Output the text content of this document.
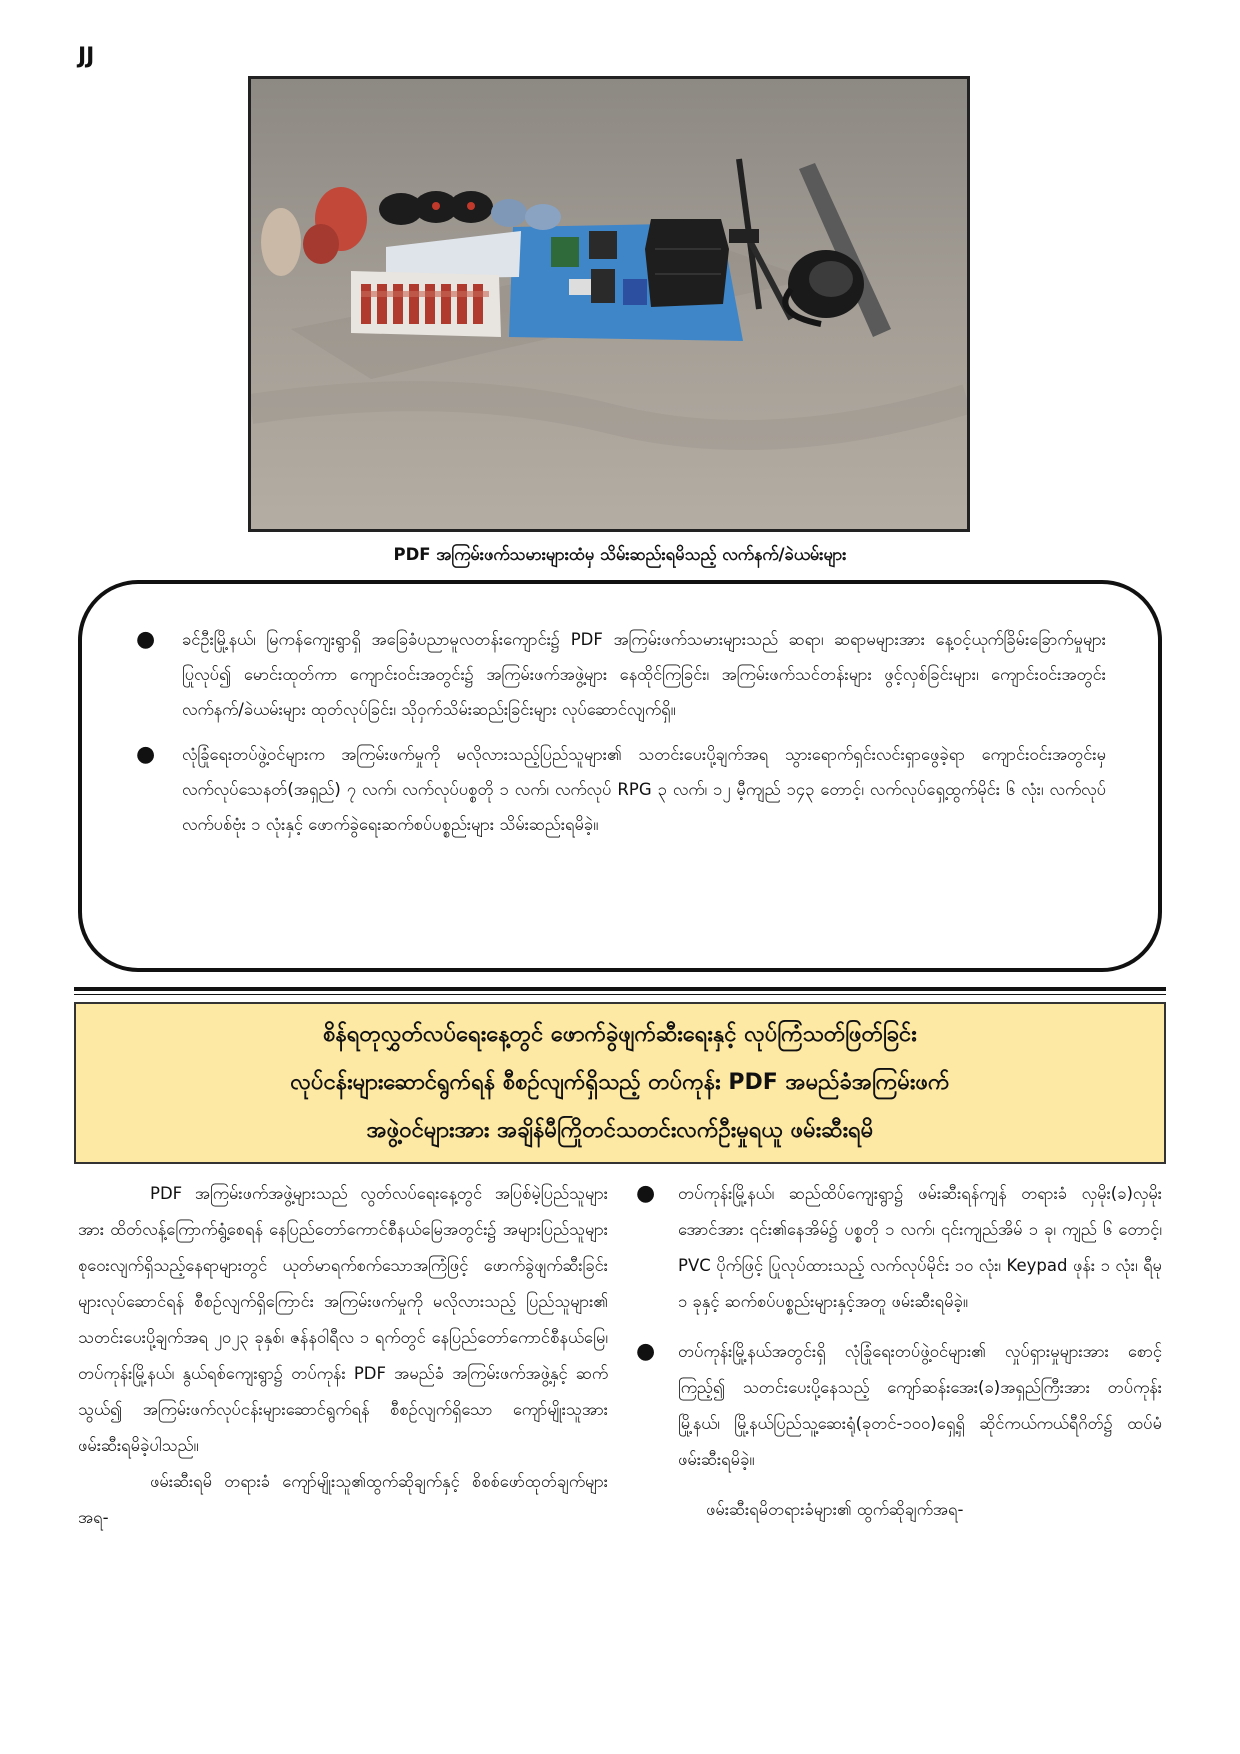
JJ
PDF အကြမ်းဖက်သမားများထံမှ သိမ်းဆည်းရမိသည့် လက်နက်/ခဲယမ်းများ
● ခင်ဦးမြို့နယ်၊ မြကန်ကျေးရွာရှိ အခြေခံပညာမူလတန်းကျောင်း၌ PDF အကြမ်းဖက်သမားများသည် ဆရာ၊ ဆရာမများအား နေ့ဝင့်ယုက်ခြိမ်းခြောက်မှုများ ပြုလုပ်၍ မောင်းထုတ်ကာ ကျောင်းဝင်းအတွင်း၌ အကြမ်းဖက်အဖွဲ့များ နေထိုင်ကြခြင်း၊ အကြမ်းဖက်သင်တန်းများ ဖွင့်လှစ်ခြင်းများ၊ ကျောင်းဝင်းအတွင်း လက်နက်/ခဲယမ်းများ ထုတ်လုပ်ခြင်း၊ သိုဝှက်သိမ်းဆည်းခြင်းများ လုပ်ဆောင်လျက်ရှိ။
● လုံခြုံရေးတပ်ဖွဲ့ဝင်များက အကြမ်းဖက်မှုကို မလိုလားသည့်ပြည်သူများ၏ သတင်းပေးပို့ချက်အရ သွားရောက်ရှင်းလင်းရှာဖွေခဲ့ရာ ကျောင်းဝင်းအတွင်းမှ လက်လုပ်သေနတ်(အရှည်) ၇ လက်၊ လက်လုပ်ပစ္စတို ၁ လက်၊ လက်လုပ် RPG ၃ လက်၊ ၁၂ မီ့ကျည် ၁၄၃ တောင့်၊ လက်လုပ်ရှေ့ထွက်မိုင်း ၆ လုံး၊ လက်လုပ်လက်ပစ်ဗုံး ၁ လုံးနှင့် ဖောက်ခွဲရေးဆက်စပ်ပစ္စည်းများ သိမ်းဆည်းရမိခဲ့။
စိန်ရတုလွှတ်လပ်ရေးနေ့တွင် ဖောက်ခွဲဖျက်ဆီးရေးနှင့် လုပ်ကြံသတ်ဖြတ်ခြင်း
လုပ်ငန်းများဆောင်ရွက်ရန် စီစဉ်လျက်ရှိသည့် တပ်ကုန်း PDF အမည်ခံအကြမ်းဖက်
အဖွဲ့ဝင်များအား အချိန်မီကြိုတင်သတင်းလက်ဦးမှုရယူ ဖမ်းဆီးရမိ

PDF အကြမ်းဖက်အဖွဲ့များသည် လွတ်လပ်ရေးနေ့တွင် အပြစ်မဲ့ပြည်သူများအား ထိတ်လန့်ကြောက်ရွံ့စေရန် နေပြည်တော်ကောင်စီနယ်မြေအတွင်း၌ အများပြည်သူများ စုဝေးလျက်ရှိသည့်နေရာများတွင် ယုတ်မာရက်စက်သောအကြံဖြင့် ဖောက်ခွဲဖျက်ဆီးခြင်းများလုပ်ဆောင်ရန် စီစဉ်လျက်ရှိကြောင်း အကြမ်းဖက်မှုကို မလိုလားသည့် ပြည်သူများ၏ သတင်းပေးပို့ချက်အရ ၂၀၂၃ ခုနှစ်၊ ဇန်နဝါရီလ ၁ ရက်တွင် နေပြည်တော်ကောင်စီနယ်မြေ၊ တပ်ကုန်းမြို့နယ်၊ နွယ်ရစ်ကျေးရွာ၌ တပ်ကုန်း PDF အမည်ခံ အကြမ်းဖက်အဖွဲ့နှင့် ဆက်သွယ်၍ အကြမ်းဖက်လုပ်ငန်းများဆောင်ရွက်ရန် စီစဉ်လျက်ရှိသော ကျော်မျိုးသူအား ဖမ်းဆီးရမိခဲ့ပါသည်။

ဖမ်းဆီးရမိ တရားခံ ကျော်မျိုးသူ၏ထွက်ဆိုချက်နှင့် စိစစ်ဖော်ထုတ်ချက်များအရ-

● တပ်ကုန်းမြို့နယ်၊ ဆည်ထိပ်ကျေးရွာ၌ ဖမ်းဆီးရန်ကျန် တရားခံ လှမိုး(ခ)လှမိုးအောင်အား ၎င်း၏နေအိမ်၌ ပစ္စတို ၁ လက်၊ ၎င်းကျည်အိမ် ၁ ခု၊ ကျည် ၆ တောင့်၊ PVC ပိုက်ဖြင့် ပြုလုပ်ထားသည့် လက်လုပ်မိုင်း ၁၀ လုံး၊ Keypad ဖုန်း ၁ လုံး၊ ရီမု ၁ ခုနှင့် ဆက်စပ်ပစ္စည်းများနှင့်အတူ ဖမ်းဆီးရမိခဲ့။
● တပ်ကုန်းမြို့နယ်အတွင်းရှိ လုံခြုံရေးတပ်ဖွဲ့ဝင်များ၏ လှုပ်ရှားမှုများအား စောင့်ကြည့်၍ သတင်းပေးပို့နေသည့် ကျော်ဆန်းအေး(ခ)အရှည်ကြီးအား တပ်ကုန်းမြို့နယ်၊ မြို့နယ်ပြည်သူ့ဆေးရုံ(ခုတင်-၁၀၀)ရှေ့ရှိ ဆိုင်ကယ်ကယ်ရီဂိတ်၌ ထပ်မံဖမ်းဆီးရမိခဲ့။

ဖမ်းဆီးရမိတရားခံများ၏ ထွက်ဆိုချက်အရ-
